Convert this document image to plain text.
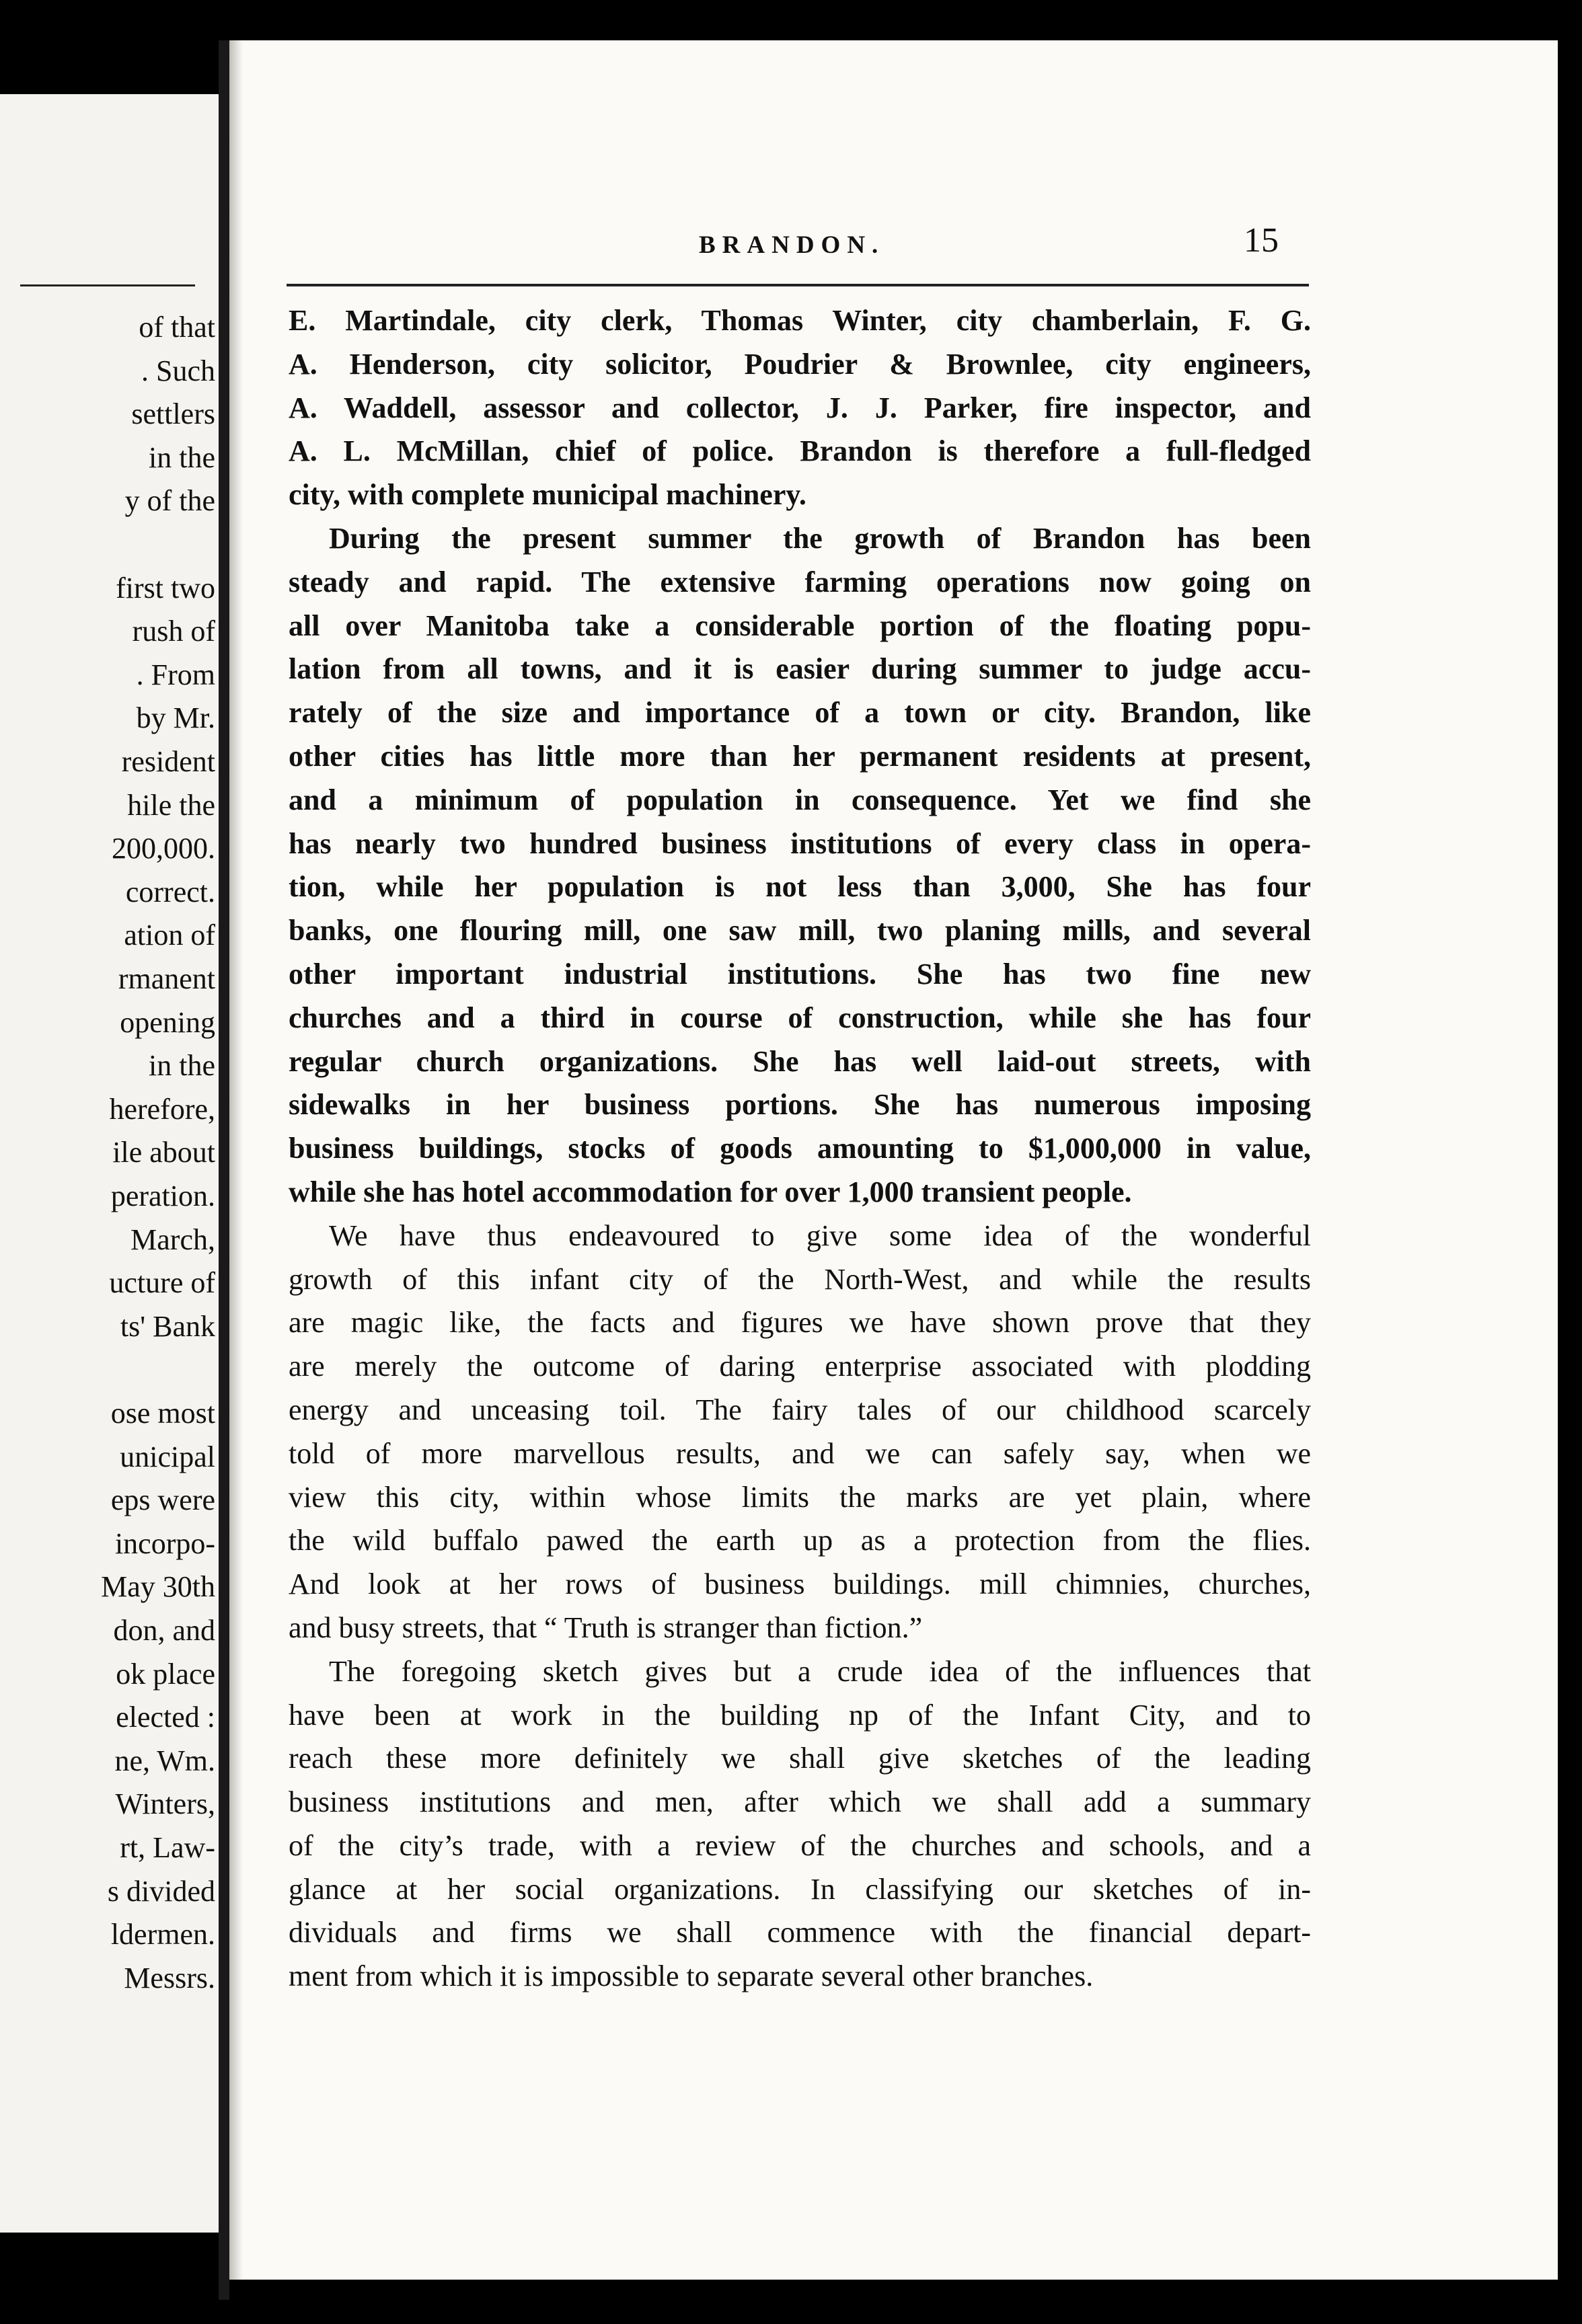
of that
. Such
settlers
in the
y of the
first two
rush of
. From
by Mr.
resident
hile the
200,000.
correct.
ation of
rmanent
opening
in the
herefore,
ile about
peration.
March,
ucture of
ts' Bank
ose most
unicipal
eps were
incorpo-
May 30th
don, and
ok place
elected :
ne, Wm.
Winters,
rt, Law-
s divided
ldermen.
Messrs.
BRANDON.	15
E. Martindale, city clerk, Thomas Winter, city chamberlain, F. G.
A. Henderson, city solicitor, Poudrier & Brownlee, city engineers,
A. Waddell, assessor and collector, J. J. Parker, fire inspector, and
A. L. McMillan, chief of police. Brandon is therefore a full-fledged
city, with complete municipal machinery.
During the present summer the growth of Brandon has been
steady and rapid. The extensive farming operations now going on
all over Manitoba take a considerable portion of the floating popu-
lation from all towns, and it is easier during summer to judge accu-
rately of the size and importance of a town or city. Brandon, like
other cities has little more than her permanent residents at present,
and a minimum of population in consequence. Yet we find she
has nearly two hundred business institutions of every class in opera-
tion, while her population is not less than 3,000, She has four
banks, one flouring mill, one saw mill, two planing mills, and several
other important industrial institutions. She has two fine new
churches and a third in course of construction, while she has four
regular church organizations. She has well laid-out streets, with
sidewalks in her business portions. She has numerous imposing
business buildings, stocks of goods amounting to $1,000,000 in value,
while she has hotel accommodation for over 1,000 transient people.
We have thus endeavoured to give some idea of the wonderful
growth of this infant city of the North-West, and while the results
are magic like, the facts and figures we have shown prove that they
are merely the outcome of daring enterprise associated with plodding
energy and unceasing toil. The fairy tales of our childhood scarcely
told of more marvellous results, and we can safely say, when we
view this city, within whose limits the marks are yet plain, where
the wild buffalo pawed the earth up as a protection from the flies.
And look at her rows of business buildings. mill chimnies, churches,
and busy streets, that “ Truth is stranger than fiction.”
The foregoing sketch gives but a crude idea of the influences that
have been at work in the building np of the Infant City, and to
reach these more definitely we shall give sketches of the leading
business institutions and men, after which we shall add a summary
of the city’s trade, with a review of the churches and schools, and a
glance at her social organizations. In classifying our sketches of in-
dividuals and firms we shall commence with the financial depart-
ment from which it is impossible to separate several other branches.
